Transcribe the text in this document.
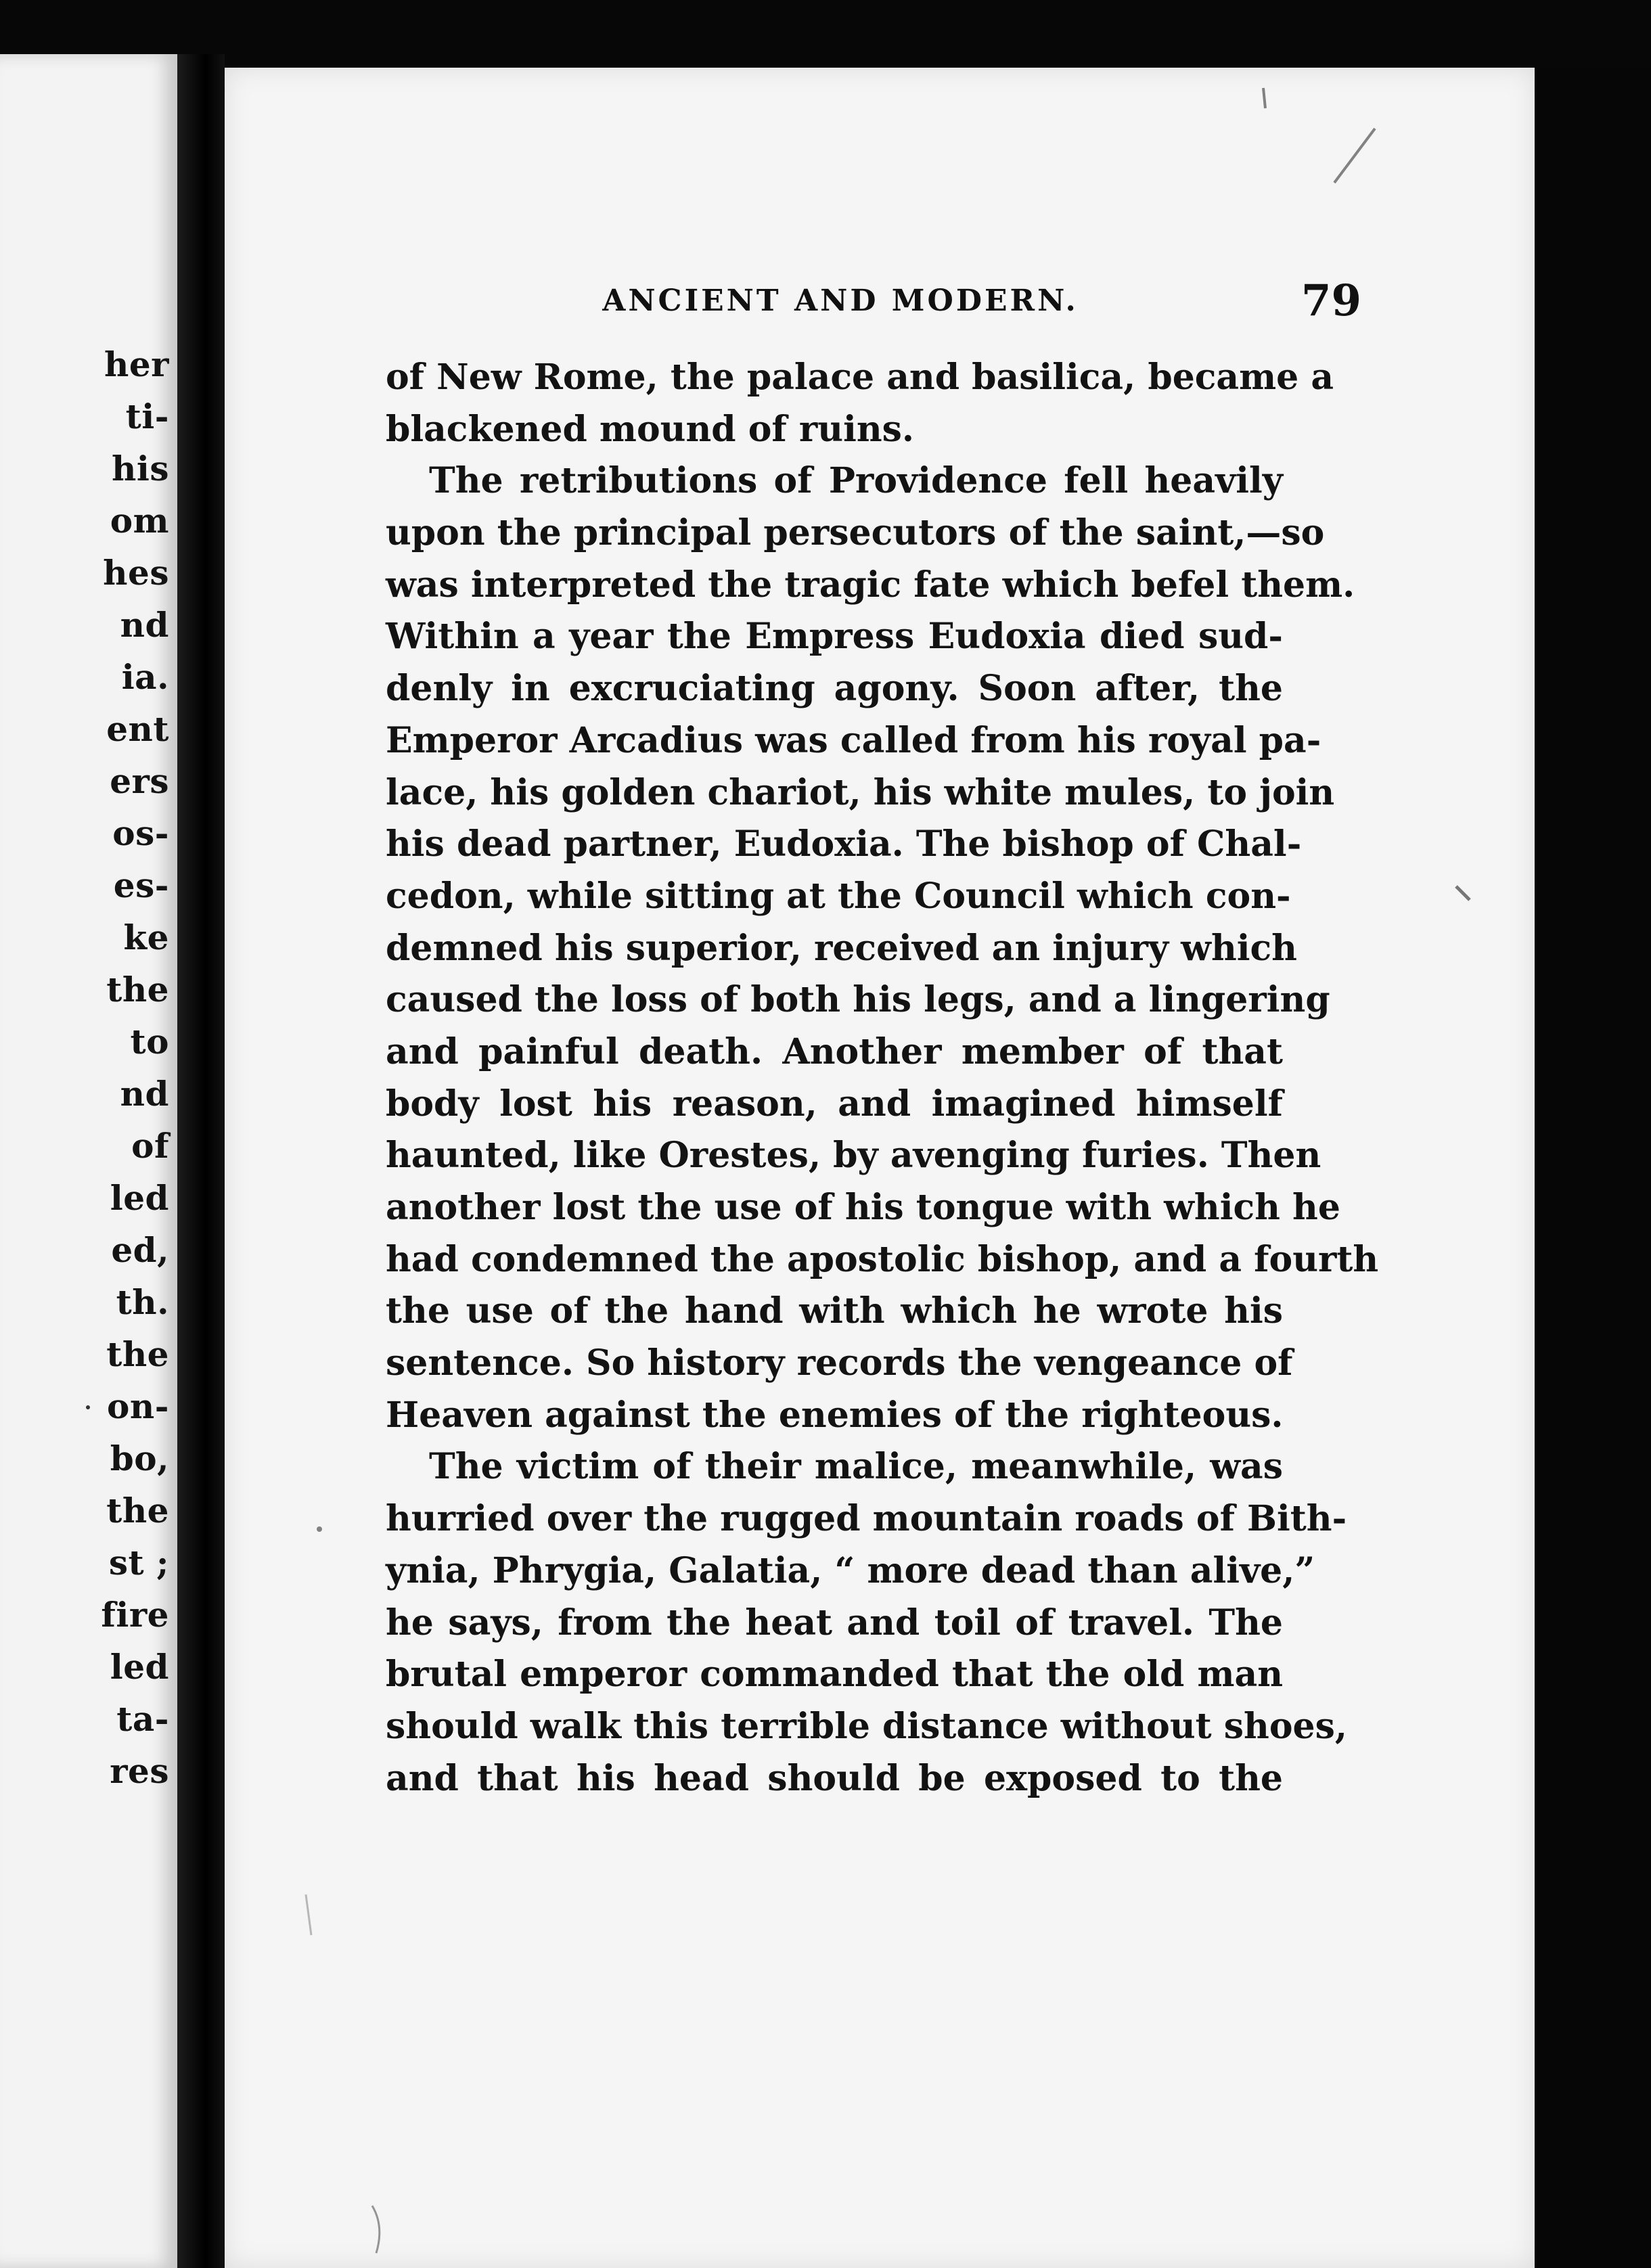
her
ti-
his
om
hes
nd
ia.
ent
ers
os-
es-
ke
the
to
nd
of
led
ed,
th.
the
on-
bo,
the
st ;
fire
led
ta-
res
ANCIENT AND MODERN.	79
of New Rome, the palace and basilica, became a
blackened mound of ruins.
The retributions of Providence fell heavily
upon the principal persecutors of the saint,—so
was interpreted the tragic fate which befel them.
Within a year the Empress Eudoxia died sud-
denly in excruciating agony. Soon after, the
Emperor Arcadius was called from his royal pa-
lace, his golden chariot, his white mules, to join
his dead partner, Eudoxia. The bishop of Chal-
cedon, while sitting at the Council which con-
demned his superior, received an injury which
caused the loss of both his legs, and a lingering
and painful death. Another member of that
body lost his reason, and imagined himself
haunted, like Orestes, by avenging furies. Then
another lost the use of his tongue with which he
had condemned the apostolic bishop, and a fourth
the use of the hand with which he wrote his
sentence. So history records the vengeance of
Heaven against the enemies of the righteous.
The victim of their malice, meanwhile, was
hurried over the rugged mountain roads of Bith-
ynia, Phrygia, Galatia, “ more dead than alive,”
he says, from the heat and toil of travel. The
brutal emperor commanded that the old man
should walk this terrible distance without shoes,
and that his head should be exposed to the
